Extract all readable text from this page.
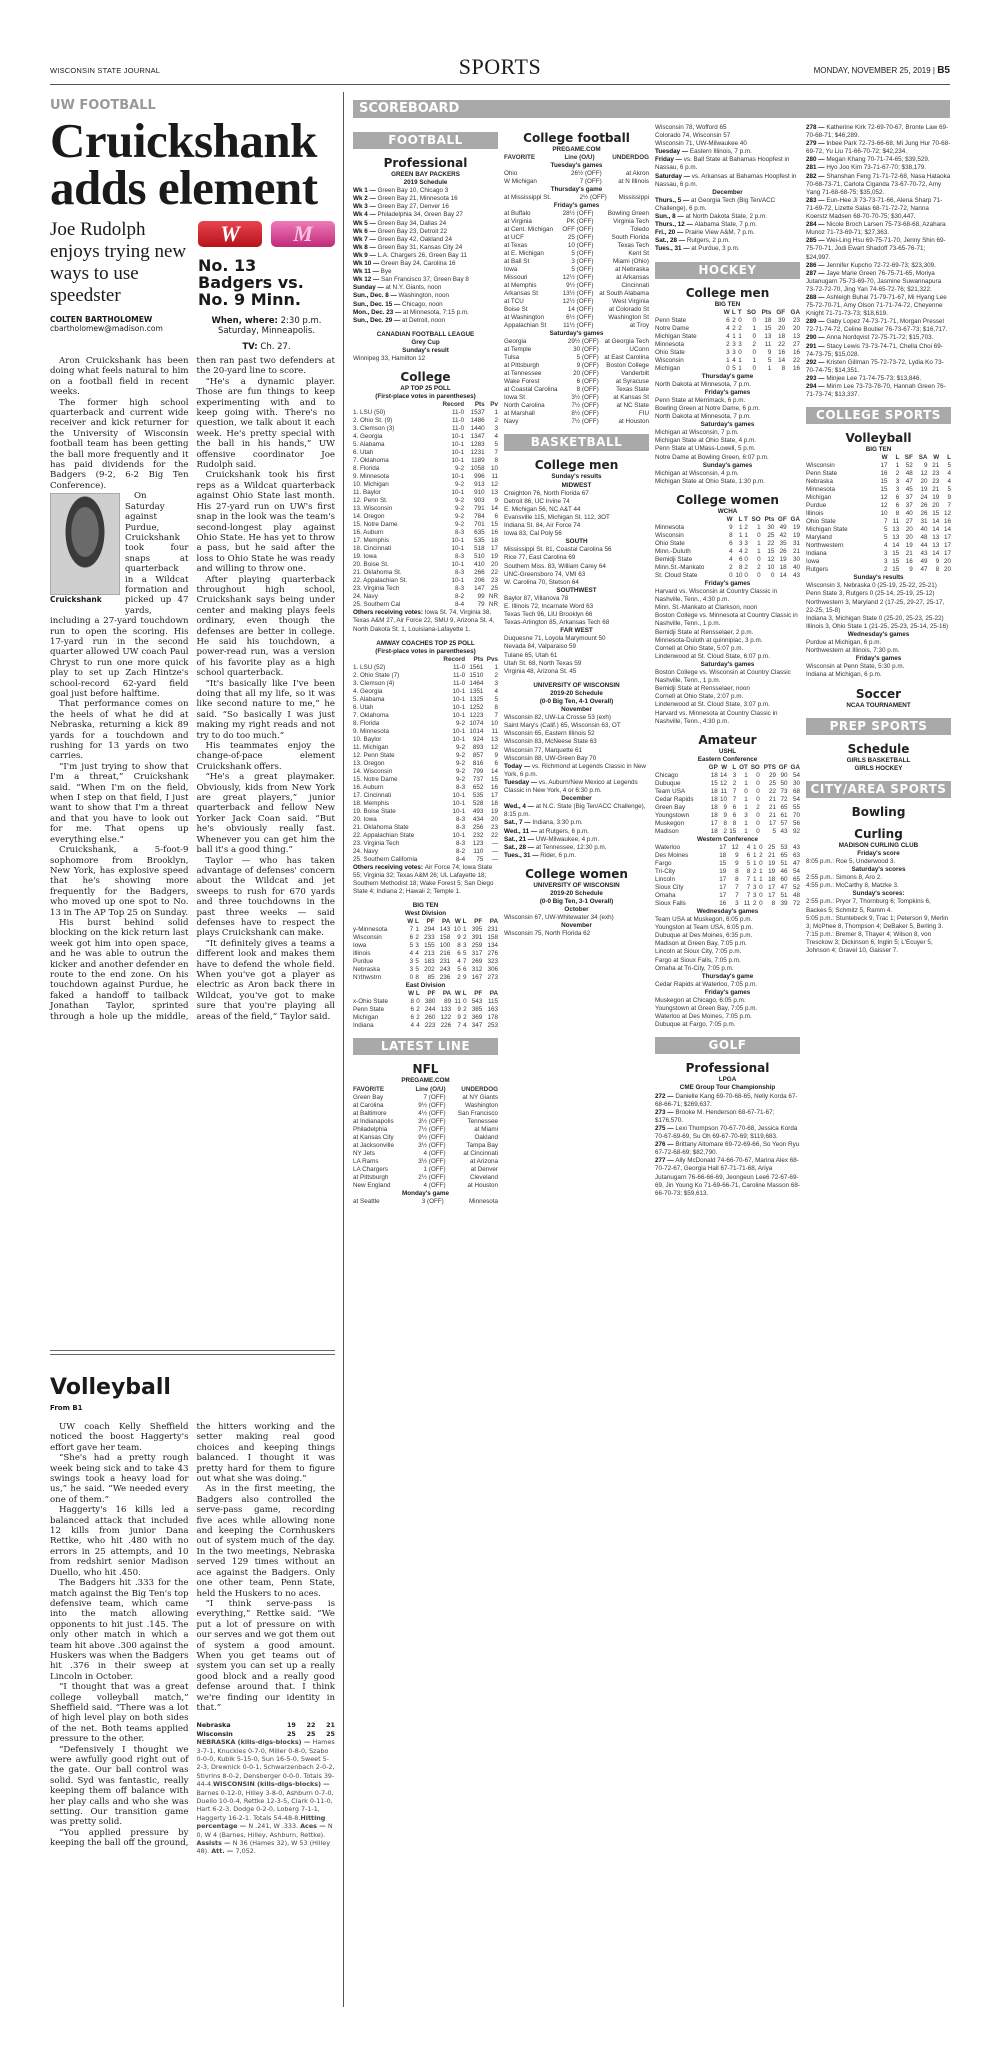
WISCONSIN STATE JOURNAL	SPORTS	MONDAY, NOVEMBER 25, 2019 | B5
UW FOOTBALL
Cruickshank adds element
Joe Rudolph enjoys trying new ways to use speedster
COLTEN BARTHOLOMEW
cbartholomew@madison.com
W	M
No. 13 Badgers vs. No. 9 Minn.
When, where: 2:30 p.m. Saturday, Minneapolis.
TV: Ch. 27.

Aron Cruickshank has been doing what feels natural to him on a football field in recent weeks.

The former high school quarterback and current wide receiver and kick returner for the University of Wisconsin football team has been getting the ball more frequently and it has paid dividends for the Badgers (9-2, 6-2 Big Ten Conference).

Cruickshank
On Saturday against Purdue, Cruickshank took four snaps at quarterback in a Wildcat formation and picked up 47 yards, including a 27-yard touchdown run to open the scoring. His 17-yard run in the second quarter allowed UW coach Paul Chryst to run one more quick play to set up Zach Hintze's school-record 62-yard field goal just before halftime.

That performance comes on the heels of what he did at Nebraska, returning a kick 89 yards for a touchdown and rushing for 13 yards on two carries.

“I'm just trying to show that I'm a threat,” Cruickshank said. “When I'm on the field, when I step on that field, I just want to show that I'm a threat and that you have to look out for me. That opens up everything else.”

Cruickshank, a 5-foot-9 sophomore from Brooklyn, New York, has explosive speed that he's showing more frequently for the Badgers, who moved up one spot to No. 13 in The AP Top 25 on Sunday.

His burst behind solid blocking on the kick return last week got him into open space, and he was able to outrun the kicker and another defender en route to the end zone. On his touchdown against Purdue, he faked a handoff to tailback Jonathan Taylor, sprinted through a hole up the middle, then ran past two defenders at the 20-yard line to score.

“He's a dynamic player. Those are fun things to keep experimenting with and to keep going with. There's no question, we talk about it each week. He's pretty special with the ball in his hands,” UW offensive coordinator Joe Rudolph said.

Cruickshank took his first reps as a Wildcat quarterback against Ohio State last month. His 27-yard run on UW's first snap in the look was the team's second-longest play against Ohio State. He has yet to throw a pass, but he said after the loss to Ohio State he was ready and willing to throw one.

After playing quarterback throughout high school, Cruickshank says being under center and making plays feels ordinary, even though the defenses are better in college. He said his touchdown, a power-read run, was a version of his favorite play as a high school quarterback.

“It's basically like I've been doing that all my life, so it was like second nature to me,” he said. “So basically I was just making my right reads and not try to do too much.”

His teammates enjoy the change-of-pace element Cruickshank offers.

“He's a great playmaker. Obviously, kids from New York are great players,” junior quarterback and fellow New Yorker Jack Coan said. “But he's obviously really fast. Whenever you can get him the ball it's a good thing.”

Taylor — who has taken advantage of defenses' concern about the Wildcat and jet sweeps to rush for 670 yards and three touchdowns in the past three weeks — said defenses have to respect the plays Cruickshank can make.

“It definitely gives a teams a different look and makes them have to defend the whole field. When you've got a player as electric as Aron back there in Wildcat, you've got to make sure that you're playing all areas of the field,” Taylor said.

Volleyball
From B1

UW coach Kelly Sheffield noticed the boost Haggerty's effort gave her team.

“She's had a pretty rough week being sick and to take 43 swings took a heavy load for us,” he said. “We needed every one of them.”

Haggerty's 16 kills led a balanced attack that included 12 kills from junior Dana Rettke, who hit .480 with no errors in 25 attempts, and 10 from redshirt senior Madison Duello, who hit .450.

The Badgers hit .333 for the match against the Big Ten's top defensive team, which came into the match allowing opponents to hit just .145. The only other match in which a team hit above .300 against the Huskers was when the Badgers hit .376 in their sweep at Lincoln in October.

“I thought that was a great college volleyball match,” Sheffield said. “There was a lot of high level play on both sides of the net. Both teams applied pressure to the other.

“Defensively I thought we were awfully good right out of the gate. Our ball control was solid. Syd was fantastic, really keeping them off balance with her play calls and who she was setting. Our transition game was pretty solid.

“You applied pressure by keeping the ball off the ground, the hitters working and the setter making real good choices and keeping things balanced. I thought it was pretty hard for them to figure out what she was doing.”

As in the first meeting, the Badgers also controlled the serve-pass game, recording five aces while allowing none and keeping the Cornhuskers out of system much of the day. In the two meetings, Nebraska served 129 times without an ace against the Badgers. Only one other team, Penn State, held the Huskers to no aces.

“I think serve-pass is everything,” Rettke said. “We put a lot of pressure on with our serves and we got them out of system a good amount. When you get teams out of system you can set up a really good block and a really good defense around that. I think we're finding our identity in that.”

Nebraska	19	22	21
Wisconsin	25	25	25

NEBRASKA (kills-digs-blocks) — Hames 3-7-1, Knuckles 0-7-0, Miller 0-8-0, Szabo 0-0-0, Kubik 5-15-0, Sun 16-5-0, Sweet 5-2-3, Drewnick 0-0-1, Schwarzenbach 2-0-2, Stivrins 8-0-2, Densberger 0-0-0. Totals 39-44-4.WISCONSIN (kills-digs-blocks) — Barnes 0-12-0, Hilley 3-8-0, Ashburn 0-7-0, Duello 10-0-4, Rettke 12-3-5, Clark 0-11-0, Hart 6-2-3, Dodge 0-2-0, Loberg 7-1-1, Haggerty 16-2-1. Totals 54-48-8.Hitting percentage — N .241, W .333. Aces — N 0, W 4 (Barnes, Hilley, Ashburn, Rettke). Assists — N 36 (Hames 32), W 53 (Hilley 48). Att. — 7,052.

SCOREBOARD
FOOTBALL
Professional
GREEN BAY PACKERS
2019 Schedule
Wk 1 — Green Bay 10, Chicago 3
Wk 2 — Green Bay 21, Minnesota 16
Wk 3 — Green Bay 27, Denver 16
Wk 4 — Philadelphia 34, Green Bay 27
Wk 5 — Green Bay 34, Dallas 24
Wk 6 — Green Bay 23, Detroit 22
Wk 7 — Green Bay 42, Oakland 24
Wk 8 — Green Bay 31, Kansas City 24
Wk 9 — L.A. Chargers 26, Green Bay 11
Wk 10 — Green Bay 24, Carolina 16
Wk 11 — Bye
Wk 12 — San Francisco 37, Green Bay 8
Sunday — at N.Y. Giants, noon
Sun., Dec. 8 — Washington, noon
Sun., Dec. 15 — Chicago, noon
Mon., Dec. 23 — at Minnesota, 7:15 p.m.
Sun., Dec. 29 — at Detroit, noon
CANADIAN FOOTBALL LEAGUE
Grey Cup
Sunday's result
Winnipeg 33, Hamilton 12
College
AP TOP 25 POLL
(First-place votes in parentheses)
	Record	Pts	Pv
1. LSU (50)	11-0	1537	1
2. Ohio St. (9)	11-0	1486	2
3. Clemson (3)	11-0	1440	3
4. Georgia	10-1	1347	4
5. Alabama	10-1	1283	5
6. Utah	10-1	1231	7
7. Oklahoma	10-1	1189	8
8. Florida	9-2	1058	10
9. Minnesota	10-1	996	11
10. Michigan	9-2	913	12
11. Baylor	10-1	910	13
12. Penn St.	9-2	903	9
13. Wisconsin	9-2	791	14
14. Oregon	9-2	784	6
15. Notre Dame	9-2	701	15
16. Auburn	8-3	635	16
17. Memphis	10-1	535	18
18. Cincinnati	10-1	518	17
19. Iowa	8-3	510	19
20. Boise St.	10-1	410	20
21. Oklahoma St.	8-3	266	22
22. Appalachian St.	10-1	206	23
23. Virginia Tech	8-3	147	25
24. Navy	8-2	99	NR
25. Southern Cal	8-4	79	NR
Others receiving votes: Iowa St. 74, Virginia 38, Texas A&M 27, Air Force 22, SMU 9, Arizona St. 4, North Dakota St. 1, Louisiana-Lafayette 1.
AMWAY COACHES TOP 25 POLL
(First-place votes in parentheses)
	Record	Pts	Pvs
1. LSU (52)	11-0	1561	1
2. Ohio State (7)	11-0	1510	2
3. Clemson (4)	11-0	1464	3
4. Georgia	10-1	1351	4
5. Alabama	10-1	1325	5
6. Utah	10-1	1252	8
7. Oklahoma	10-1	1223	7
8. Florida	9-2	1074	10
9. Minnesota	10-1	1014	11
10. Baylor	10-1	924	13
11. Michigan	9-2	893	12
12. Penn State	9-2	857	9
13. Oregon	9-2	816	6
14. Wisconsin	9-2	799	14
15. Notre Dame	9-2	737	15
16. Auburn	8-3	652	16
17. Cincinnati	10-1	535	17
18. Memphis	10-1	528	18
19. Boise State	10-1	493	19
20. Iowa	8-3	434	20
21. Oklahoma State	8-3	256	23
22. Appalachian State	10-1	232	22
23. Virginia Tech	8-3	123	—
24. Navy	8-2	110	—
25. Southern California	8-4	75	—
Others receiving votes: Air Force 74; Iowa State 55; Virginia 32; Texas A&M 26; UL Lafayette 18; Southern Methodist 18; Wake Forest 5; San Diego State 4; Indiana 2; Hawaii 2; Temple 1.
BIG TEN
West Division
	W	L	PF	PA	W	L	PF	PA
y-Minnesota	7	1	294	143	10	1	395	231
Wisconsin	6	2	233	158	9	2	391	158
Iowa	5	3	155	100	8	3	259	134
Illinois	4	4	213	216	6	5	317	276
Purdue	3	5	183	231	4	7	269	323
Nebraska	3	5	202	243	5	6	312	306
N'rthwstrn	0	8	85	236	2	9	167	273
East Division
	W	L	PF	PA	W	L	PF	PA
x-Ohio State	8	0	380	89	11	0	543	115
Penn State	6	2	244	133	9	2	385	163
Michigan	6	2	260	122	9	2	369	178
Indiana	4	4	223	226	7	4	347	253
LATEST LINE
NFL
PREGAME.COM
FAVORITE	Line (O/U)	UNDERDOG
Green Bay	7 (OFF)	at NY Giants
at Carolina	9½ (OFF)	Washington
at Baltimore	4½ (OFF)	San Francisco
at Indianapolis	3½ (OFF)	Tennessee
Philadelphia	7½ (OFF)	at Miami
at Kansas City	9½ (OFF)	Oakland
at Jacksonville	3½ (OFF)	Tampa Bay
NY Jets	4 (OFF)	at Cincinnati
LA Rams	3½ (OFF)	at Arizona
LA Chargers	1 (OFF)	at Denver
at Pittsburgh	2½ (OFF)	Cleveland
New England	4 (OFF)	at Houston
Monday's game
at Seattle	3 (OFF)	Minnesota
College football
PREGAME.COM
FAVORITE	Line (O/U)	UNDERDOG
Tuesday's games
Ohio	26½ (OFF)	at Akron
W Michigan	7 (OFF)	at N Illinois
Thursday's game
at Mississippi St.	2½ (OFF)	Mississippi
Friday's games
at Buffalo	28½ (OFF)	Bowling Green
at Virginia	PK (OFF)	Virginia Tech
at Cent. Michigan	OFF (OFF)	Toledo
at UCF	25 (OFF)	South Florida
at Texas	10 (OFF)	Texas Tech
at E. Michigan	5 (OFF)	Kent St
at Ball St	3 (OFF)	Miami (Ohio)
Iowa	5 (OFF)	at Nebraska
Missouri	12½ (OFF)	at Arkansas
at Memphis	9½ (OFF)	Cincinnati
Arkansas St	13½ (OFF)	at South Alabama
at TCU	12½ (OFF)	West Virginia
Boise St	14 (OFF)	at Colorado St
at Washington	6½ (OFF)	Washington St
Appalachian St	11½ (OFF)	at Troy
Saturday's games
Georgia	29½ (OFF)	at Georgia Tech
at Temple	30 (OFF)	UConn
Tulsa	5 (OFF)	at East Carolina
at Pittsburgh	9 (OFF)	Boston College
at Tennessee	20 (OFF)	Vanderbilt
Wake Forest	6 (OFF)	at Syracuse
at Coastal Carolina	8 (OFF)	Texas State
Iowa St	3½ (OFF)	at Kansas St
North Carolina	7½ (OFF)	at NC State
at Marshall	8½ (OFF)	FIU
Navy	7½ (OFF)	at Houston
BASKETBALL
College men
Sunday's results
MIDWEST
Creighton 76, North Florida 67
Detroit 86, UC Irvine 74
E. Michigan 56, NC A&T 44
Evansville 115, Michigan St. 112, 3OT
Indiana St. 84, Air Force 74
Iowa 83, Cal Poly 56
SOUTH
Mississippi St. 81, Coastal Carolina 56
Rice 77, East Carolina 69
Southern Miss. 83, William Carey 64
UNC-Greensboro 74, VMI 63
W. Carolina 70, Stetson 64
SOUTHWEST
Baylor 87, Villanova 78
E. Illinois 72, Incarnate Word 63
Texas Tech 96, LIU Brooklyn 66
Texas-Arlington 85, Arkansas Tech 68
FAR WEST
Duquesne 71, Loyola Marymount 50
Nevada 84, Valparaiso 59
Tulane 65, Utah 61
Utah St. 68, North Texas 59
Virginia 48, Arizona St. 45
UNIVERSITY OF WISCONSIN
2019-20 Schedule
(0-0 Big Ten, 4-1 Overall)
November
Wisconsin 82, UW-La Crosse 53 (exh)
Saint Mary's (Calif.) 65, Wisconsin 63, OT
Wisconsin 65, Eastern Illinois 52
Wisconsin 83, McNeese State 63
Wisconsin 77, Marquette 61
Wisconsin 88, UW-Green Bay 70
Today — vs. Richmond at Legends Classic in New York, 6 p.m.
Tuesday — vs. Auburn/New Mexico at Legends Classic in New York, 4 or 6:30 p.m.
December
Wed., 4 — at N.C. State (Big Ten/ACC Challenge), 8:15 p.m.
Sat., 7 — Indiana, 3:30 p.m.
Wed., 11 — at Rutgers, 6 p.m.
Sat., 21 — UW-Milwaukee, 4 p.m.
Sat., 28 — at Tennessee, 12:30 p.m.
Tues., 31 — Rider, 6 p.m.
College women
UNIVERSITY OF WISCONSIN
2019-20 Schedule
(0-0 Big Ten, 3-1 Overall)
October
Wisconsin 67, UW-Whitewater 34 (exh)
November
Wisconsin 75, North Florida 62
Wisconsin 78, Wofford 65
Colorado 74, Wisconsin 57
Wisconsin 71, UW-Milwaukee 40
Tuesday — Eastern Illinois, 7 p.m.
Friday — vs. Ball State at Bahamas Hoopfest in Nassau, 6 p.m.
Saturday — vs. Arkansas at Bahamas Hoopfest in Nassau, 6 p.m.
December
Thurs., 5 — at Georgia Tech (Big Ten/ACC Challenge), 6 p.m.
Sun., 8 — at North Dakota State, 2 p.m.
Thurs., 12 — Alabama State, 7 p.m.
Fri., 20 — Prairie View A&M, 7 p.m.
Sat., 28 — Rutgers, 2 p.m.
Tues., 31 — at Purdue, 3 p.m.
HOCKEY
College men
BIG TEN
	W	L	T	SO	Pts	GF	GA
Penn State	6	2	0	0	18	39	23
Notre Dame	4	2	2	1	15	20	20
Michigan State	4	1	1	0	13	18	13
Minnesota	2	3	3	2	11	22	27
Ohio State	3	3	0	0	9	16	16
Wisconsin	1	4	1	1	5	14	22
Michigan	0	5	1	0	1	8	16
Thursday's game
North Dakota at Minnesota, 7 p.m.
Friday's games
Penn State at Merrimack, 6 p.m.
Bowling Green at Notre Dame, 6 p.m.
North Dakota at Minnesota, 7 p.m.
Saturday's games
Michigan at Wisconsin, 7 p.m.
Michigan State at Ohio State, 4 p.m.
Penn State at UMass-Lowell, 5 p.m.
Notre Dame at Bowling Green, 6:07 p.m.
Sunday's games
Michigan at Wisconsin, 4 p.m.
Michigan State at Ohio State, 1:30 p.m.
College women
WCHA
	W	L	T	SO	Pts	GF	GA
Minnesota	9	1	2	1	30	49	19
Wisconsin	8	1	1	0	25	42	19
Ohio State	6	3	3	1	22	35	31
Minn.-Duluth	4	4	2	1	15	26	21
Bemidji State	4	6	0	0	12	19	30
Minn.St.-Mankato	2	8	2	2	10	18	40
St. Cloud State	0	10	0	0	0	14	43
Friday's games
Harvard vs. Wisconsin at Country Classic in Nashville, Tenn., 4:30 p.m.
Minn. St.-Mankato at Clarkson, noon
Boston College vs. Minnesota at Country Classic in Nashville, Tenn., 1 p.m.
Bemidji State at Rensselaer, 2 p.m.
Minnesota-Duluth at quinnipiac, 3 p.m.
Cornell at Ohio State, 5:07 p.m.
Lindenwood at St. Cloud State, 6:07 p.m.
Saturday's games
Boston College vs. Wisconsin at Country Classic Nashville, Tenn., 1 p.m.
Bemidji State at Rensselaer, noon
Cornell at Ohio State, 2:07 p.m.
Lindenwood at St. Cloud State, 3:07 p.m.
Harvard vs. Minnesota at Country Classic in Nashville, Tenn., 4:30 p.m.
Amateur
USHL
Eastern Conference
	GP	W	L	OT	SO	PTS	GF	GA
Chicago	18	14	3	1	0	29	90	54
Dubuque	15	12	2	1	0	25	50	30
Team USA	18	11	7	0	0	22	73	68
Cedar Rapids	18	10	7	1	0	21	72	54
Green Bay	18	9	6	1	2	21	65	55
Youngstown	18	9	6	3	0	21	61	70
Muskegon	17	8	8	1	0	17	57	56
Madison	18	2	15	1	0	5	43	92
Western Conference
Waterloo	17	12	4	1	0	25	53	43
Des Moines	18	9	6	1	2	21	65	63
Fargo	15	9	5	1	0	19	51	47
Tri-City	19	8	8	2	1	19	46	54
Lincoln	17	8	7	1	1	18	60	65
Sioux City	17	7	7	3	0	17	47	52
Omaha	17	7	7	3	0	17	51	48
Sioux Falls	16	3	11	2	0	8	39	72
Wednesday's games
Team USA at Muskegon, 6:05 p.m.
Youngston at Team USA, 6:05 p.m.
Dubuque at Des Moines, 6:35 p.m.
Madison at Green Bay, 7:05 p.m.
Lincoln at Sioux City, 7:05 p.m.
Fargo at Sioux Falls, 7:05 p.m.
Omaha at Tri-City, 7:05 p.m.
Thursday's game
Cedar Rapids at Waterloo, 7:05 p.m.
Friday's games
Muskegon at Chicago, 6:05 p.m.
Youngstown at Green Bay, 7:05 p.m.
Waterloo at Des Moines, 7:05 p.m.
Dubuque at Fargo, 7:05 p.m.
GOLF
Professional
LPGA
CME Group Tour Championship
272 — Danielle Kang 69-70-68-65, Nelly Korda 67-68-66-71; $269,637.
273 — Brooke M. Henderson 68-67-71-67; $176,570.
275 — Lexi Thompson 70-67-70-68, Jessica Korda 70-67-69-69, Su Oh 69-67-70-69; $119,683.
276 — Brittany Altomare 69-72-69-66, So Yeon Ryu 67-72-68-69; $82,790.
277 — Ally McDonald 74-66-70-67, Marina Alex 68-70-72-67, Georgia Hall 67-71-71-68, Ariya Jutanugarn 76-66-66-69, Jeongeun Lee6 72-67-69-69, Jin Young Ko 71-69-66-71, Caroline Masson 68-66-70-73; $59,613.
278 — Katherine Kirk 72-69-70-67, Bronte Law 69-70-68-71; $46,289.
279 — Inbee Park 72-73-66-68, Mi Jung Hur 70-68-69-72, Yu Liu 71-66-70-72; $42,234.
280 — Megan Khang 70-71-74-65; $39,529.
281 — Hyo Joo Kim 73-71-67-70; $38,179.
282 — Shanshan Feng 71-71-72-68, Nasa Hataoka 70-68-73-71, Carlota Ciganda 73-67-70-72, Amy Yang 71-68-68-75; $35,052.
283 — Eun-Hee Ji 73-73-71-66, Alena Sharp 71-71-69-72, Lizette Salas 68-71-72-72, Nanna Koerstz Madsen 68-70-70-75; $30,447.
284 — Nicole Broch Larsen 75-73-68-68, Azahara Munoz 71-73-69-71; $27,363.
285 — Wei-Ling Hsu 69-75-71-70, Jenny Shin 69-75-70-71, Jodi Ewart Shadoff 73-65-76-71; $24,997.
286 — Jennifer Kupcho 72-72-69-73; $23,309.
287 — Jaye Marie Green 76-75-71-65, Moriya Jutanugarn 75-73-69-70, Jasmine Suwannapura 73-72-72-70, Jing Yan 74-65-72-76; $21,322.
288 — Ashleigh Buhai 71-79-71-67, Mi Hyang Lee 75-72-70-71, Amy Olson 71-71-74-72, Cheyenne Knight 71-71-73-73; $18,619.
289 — Gaby Lopez 74-73-71-71, Morgan Pressel 72-71-74-72, Celine Boutier 76-73-67-73; $16,717.
290 — Anna Nordqvist 72-75-71-72; $15,703.
291 — Stacy Lewis 73-73-74-71, Chella Choi 69-74-73-75; $15,028.
292 — Kristen Gillman 75-72-73-72, Lydia Ko 73-70-74-75; $14,351.
293 — Minjee Lee 71-74-75-73; $13,846.
294 — Mirim Lee 73-73-78-70, Hannah Green 76-71-73-74; $13,337.
COLLEGE SPORTS
Volleyball
BIG TEN
	W	L	SF	SA	W	L
Wisconsin	17	1	52	9	21	5
Penn State	16	2	48	12	23	4
Nebraska	15	3	47	20	23	4
Minnesota	15	3	45	19	21	5
Michigan	12	6	37	24	19	9
Purdue	12	6	37	26	20	7
Illinois	10	8	40	26	15	12
Ohio State	7	11	27	31	14	16
Michigan State	5	13	20	40	14	14
Maryland	5	13	20	48	13	17
Northwestern	4	14	19	44	13	17
Indiana	3	15	21	43	14	17
Iowa	3	15	16	49	9	20
Rutgers	2	15	9	47	8	20
Sunday's results
Wisconsin 3, Nebraska 0 (25-19, 25-22, 25-21)
Penn State 3, Rutgers 0 (25-14, 25-19, 25-12)
Northwestern 3, Maryland 2 (17-25, 29-27, 25-17, 22-25, 15-8)
Indiana 3, Michigan State 0 (25-20, 25-23, 25-22)
Illinois 3, Ohio State 1 (21-25, 25-23, 25-14, 25-16)
Wednesday's games
Purdue at Michigan, 6 p.m.
Northwestern at Illinois, 7:30 p.m.
Friday's games
Wisconsin at Penn State, 5:30 p.m.
Indiana at Michigan, 6 p.m.
Soccer
NCAA TOURNAMENT
PREP SPORTS
Schedule
GIRLS BASKETBALL
GIRLS HOCKEY
CITY/AREA SPORTS
Bowling
Curling
MADISON CURLING CLUB
Friday's score
8:05 p.m.: Roe 5, Underwood 3.
Saturday's scores
2:55 p.m.: Simons 8, Aro 2.
4:55 p.m.: McCarthy 8, Matzke 3.
Sunday's scores:
2:55 p.m.: Pryor 7, Thornburg 6; Tompkins 6, Backes 5; Schmitz 5, Ramm 4.
5:05 p.m.: Stuntebeck 9, Trac 1; Peterson 9, Merlin 3; McPhee 8, Thompson 4; DeBaker 5, Berling 3.
7:15 p.m.: Bremer 8, Thayer 4; Wilson 8, von Tresckow 3; Dickinson 6, Inglin 5; L'Ecuyer 5, Johnson 4; Gravel 10, Gaisser 7.
